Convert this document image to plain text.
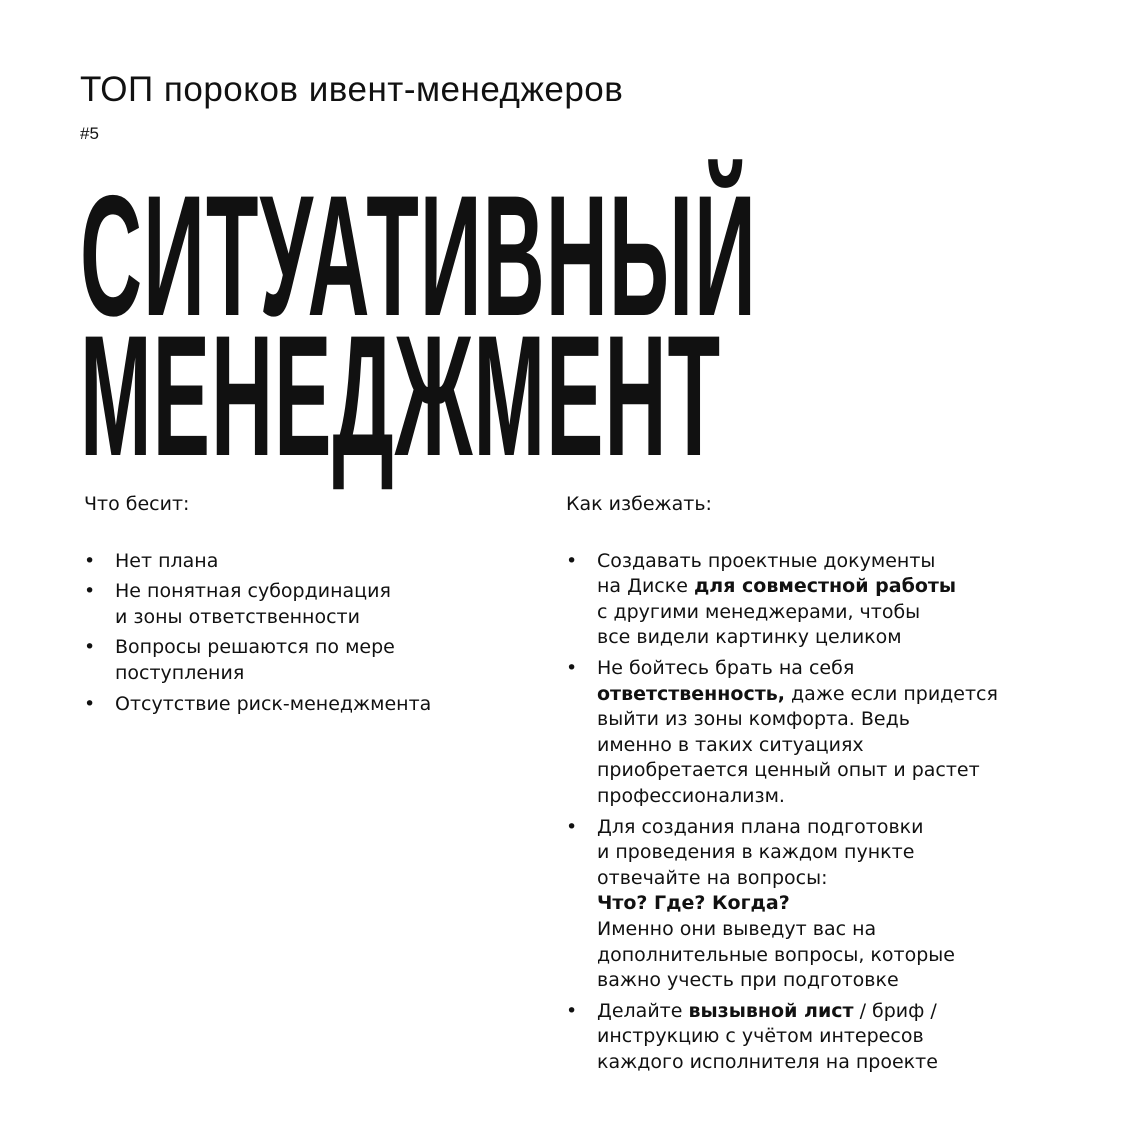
ТОП пороков ивент-менеджеров
#5
СИТУАТИВНЫЙ
МЕНЕДЖМЕНТ
Что бесит:
•	Нет плана
•	Не понятная субординация
и зоны ответственности
•	Вопросы решаются по мере
поступления
•	Отсутствие риск-менеджмента
Как избежать:
•	Создавать проектные документы
на Диске для совместной работы
с другими менеджерами, чтобы
все видели картинку целиком
•	Не бойтесь брать на себя
ответственность, даже если придется
выйти из зоны комфорта. Ведь
именно в таких ситуациях
приобретается ценный опыт и растет
профессионализм.
•	Для создания плана подготовки
и проведения в каждом пункте
отвечайте на вопросы:
Что? Где? Когда?
Именно они выведут вас на
дополнительные вопросы, которые
важно учесть при подготовке
•	Делайте вызывной лист / бриф /
инструкцию с учётом интересов
каждого исполнителя на проекте
